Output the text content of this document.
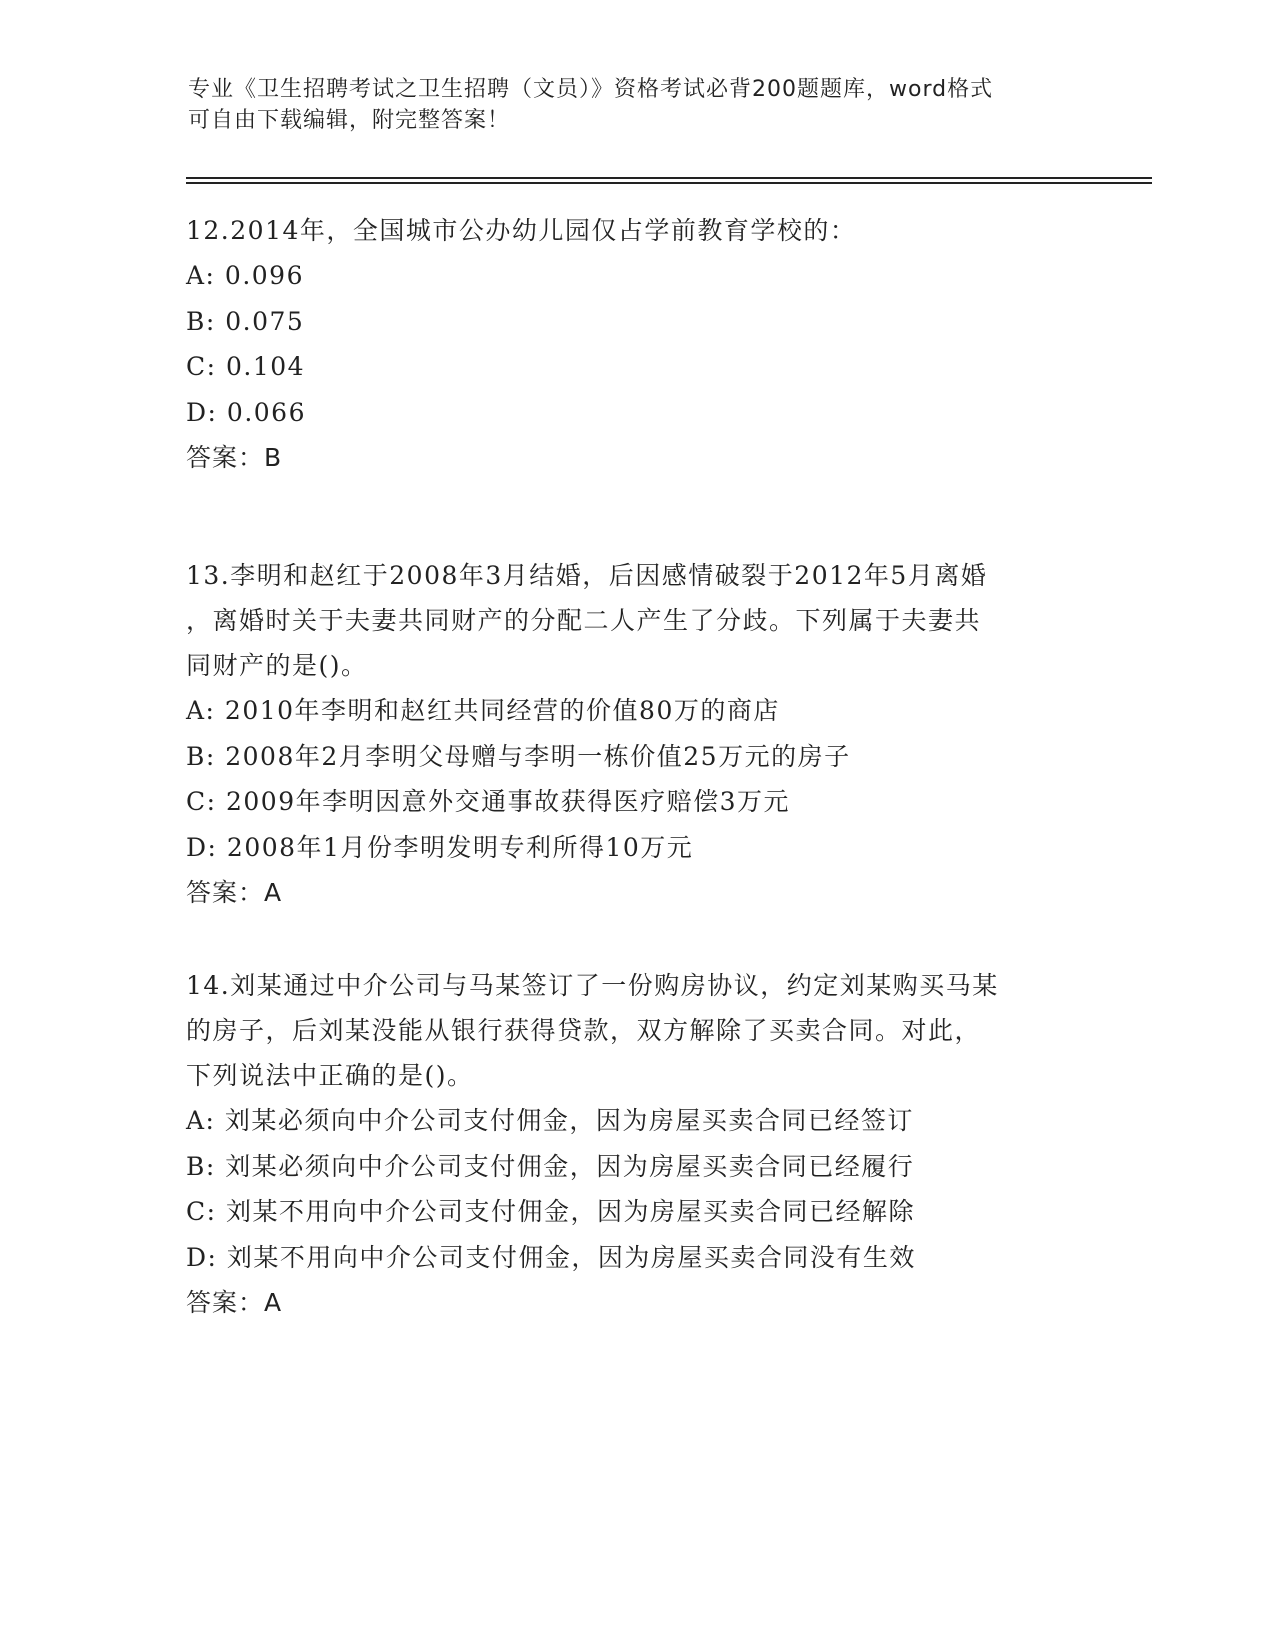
专业《卫生招聘考试之卫生招聘（文员）》资格考试必背200题题库，word格式
可自由下载编辑，附完整答案！
12.2014年，全国城市公办幼儿园仅占学前教育学校的：
A: 0.096
B: 0.075
C: 0.104
D: 0.066
答案：B
13.李明和赵红于2008年3月结婚，后因感情破裂于2012年5月离婚
，离婚时关于夫妻共同财产的分配二人产生了分歧。下列属于夫妻共
同财产的是()。
A: 2010年李明和赵红共同经营的价值80万的商店
B: 2008年2月李明父母赠与李明一栋价值25万元的房子
C: 2009年李明因意外交通事故获得医疗赔偿3万元
D: 2008年1月份李明发明专利所得10万元
答案：A
14.刘某通过中介公司与马某签订了一份购房协议，约定刘某购买马某
的房子，后刘某没能从银行获得贷款，双方解除了买卖合同。对此，
下列说法中正确的是()。
A: 刘某必须向中介公司支付佣金，因为房屋买卖合同已经签订
B: 刘某必须向中介公司支付佣金，因为房屋买卖合同已经履行
C: 刘某不用向中介公司支付佣金，因为房屋买卖合同已经解除
D: 刘某不用向中介公司支付佣金，因为房屋买卖合同没有生效
答案：A
